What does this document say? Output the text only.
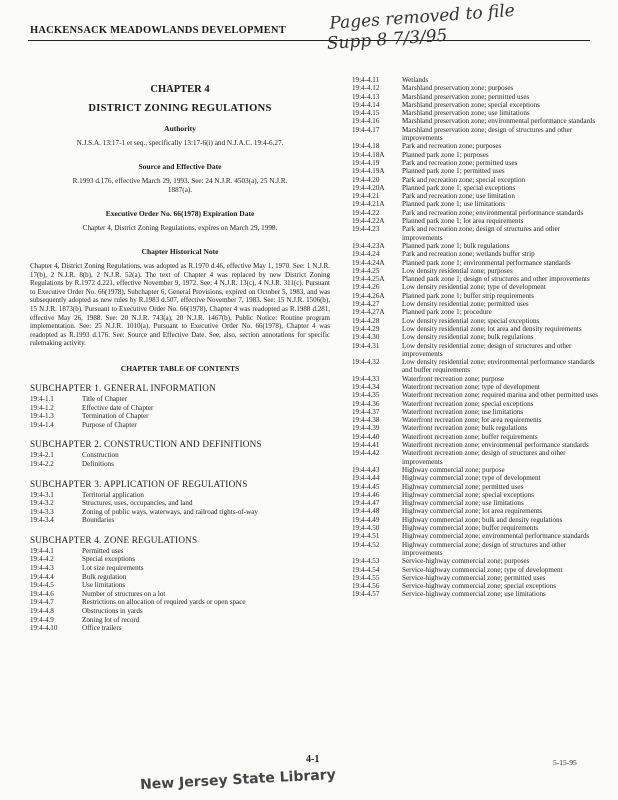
HACKENSACK MEADOWLANDS DEVELOPMENT	Pages removed to file
Supp 8 7/3/95
CHAPTER 4
DISTRICT ZONING REGULATIONS
Authority
N.J.S.A. 13:17-1 et seq., specifically 13:17-6(i) and N.J.A.C. 19:4-6.27.
Source and Effective Date
R.1993 d.176, effective March 29, 1993. See: 24 N.J.R. 4503(a), 25 N.J.R. 1887(a).
Executive Order No. 66(1978) Expiration Date
Chapter 4, District Zoning Regulations, expires on March 29, 1998.
Chapter Historical Note
Chapter 4, District Zoning Regulations, was adopted as R.1970 d.46, effective May 1, 1970. See: 1 N.J.R. 17(b), 2 N.J.R. 8(b), 2 N.J.R. 52(a). The text of Chapter 4 was replaced by new District Zoning Regulations by R.1972 d.221, effective November 9, 1972. See: 4 N.J.R. 13(c), 4 N.J.R. 311(c). Pursuant to Executive Order No. 66(1978), Subchapter 6, General Provisions, expired on October 5, 1983, and was subsequently adopted as new rules by R.1983 d.507, effective November 7, 1983. See: 15 N.J.R. 1506(b), 15 N.J.R. 1873(b). Pursuant to Executive Order No. 66(1978), Chapter 4 was readopted as R.1988 d.281, effective May 26, 1988. See: 20 N.J.R. 743(a), 20 N.J.R. 1467(b). Public Notice: Routine program implementation. See: 25 N.J.R. 1010(a). Pursuant to Executive Order No. 66(1978), Chapter 4 was readopted as R.1993 d.176. See: Source and Effective Date. See, also, section annotations for specific rulemaking activity.
CHAPTER TABLE OF CONTENTS
SUBCHAPTER 1. GENERAL INFORMATION
19:4-1.1	Title of Chapter
19:4-1.2	Effective date of Chapter
19:4-1.3	Termination of Chapter
19:4-1.4	Purpose of Chapter
SUBCHAPTER 2. CONSTRUCTION AND DEFINITIONS
19:4-2.1	Construction
19:4-2.2	Definitions
SUBCHAPTER 3. APPLICATION OF REGULATIONS
19:4-3.1	Territorial application
19:4-3.2	Structures, uses, occupancies, and land
19:4-3.3	Zoning of public ways, waterways, and railroad rights-of-way
19:4-3.4	Boundaries
SUBCHAPTER 4. ZONE REGULATIONS
19:4-4.1	Permitted uses
19:4-4.2	Special exceptions
19:4-4.3	Lot size requirements
19:4-4.4	Bulk regulation
19:4-4.5	Use limitations
19:4-4.6	Number of structures on a lot
19:4-4.7	Restrictions on allocation of required yards or open space
19:4-4.8	Obstructions in yards
19:4-4.9	Zoning lot of record
19:4-4.10	Office trailers
19:4-4.11	Wetlands
19:4-4.12	Marshland preservation zone; purposes
19:4-4.13	Marshland preservation zone; permitted uses
19:4-4.14	Marshland preservation zone; special exceptions
19:4-4.15	Marshland preservation zone; use limitations
19:4-4.16	Marshland preservation zone; environmental performance standards
19:4-4.17	Marshland preservation zone; design of structures and other improvements
19:4-4.18	Park and recreation zone; purposes
19:4-4.18A	Planned park zone 1; purposes
19:4-4.19	Park and recreation zone; permitted uses
19:4-4.19A	Planned park zone 1; permitted uses
19:4-4.20	Park and recreation zone; special exception
19:4-4.20A	Planned park zone 1; special exceptions
19:4-4.21	Park and recreation zone; use limitation
19:4-4.21A	Planned park zone 1; use limitations
19:4-4.22	Park and recreation zone; environmental performance standards
19:4-4.22A	Planned park zone 1; lot area requirements
19:4-4.23	Park and recreation zone; design of structures and other improvements
19:4-4.23A	Planned park zone 1; bulk regulations
19:4-4.24	Park and recreation zone; wetlands buffer strip
19:4-4.24A	Planned park zone 1; environmental performance standards
19:4-4.25	Low density residential zone; purposes
19:4-4.25A	Planned park zone 1; design of structures and other improvements
19:4-4.26	Low density residential zone; type of development
19:4-4.26A	Planned park zone 1; buffer strip requirements
19:4-4.27	Low density residential zone; permitted uses
19:4-4.27A	Planned park zone 1; procedure
19:4-4.28	Low density residential zone; special exceptions
19:4-4.29	Low density residential zone; lot area and density requirements
19:4-4.30	Low density residential zone; bulk regulations
19:4-4.31	Low density residential zone; design of structures and other improvements
19:4-4.32	Low density residential zone; environmental performance standards and buffer requirements
19:4-4.33	Waterfront recreation zone; purpose
19:4-4.34	Waterfront recreation zone; type of development
19:4-4.35	Waterfront recreation zone; required marina and other permitted uses
19:4-4.36	Waterfront recreation zone; special exceptions
19:4-4.37	Waterfront recreation zone; use limitations
19:4-4.38	Waterfront recreation zone; lot area requirements
19:4-4.39	Waterfront recreation zone; bulk regulations
19:4-4.40	Waterfront recreation zone; buffer requirements
19:4-4.41	Waterfront recreation zone; environmental performance standards
19:4-4.42	Waterfront recreation zone; design of structures and other improvements
19:4-4.43	Highway commercial zone; purpose
19:4-4.44	Highway commercial zone; type of development
19:4-4.45	Highway commercial zone; permitted uses
19:4-4.46	Highway commercial zone; special exceptions
19:4-4.47	Highway commercial zone; use limitations
19:4-4.48	Highway commercial zone; lot area requirements
19:4-4.49	Highway commercial zone; bulk and density regulations
19:4-4.50	Highway commercial zone; buffer requirements
19:4-4.51	Highway commercial zone; environmental performance standards
19:4-4.52	Highway commercial zone; design of structures and other improvements
19:4-4.53	Service-highway commercial zone; purposes
19:4-4.54	Service-highway commercial zone; type of development
19:4-4.55	Service-highway commercial zone; permitted uses
19:4-4.56	Service-highway commercial zone; special exceptions
19:4-4.57	Service-highway commercial zone; use limitations
4-1	5-15-95
New Jersey State Library
